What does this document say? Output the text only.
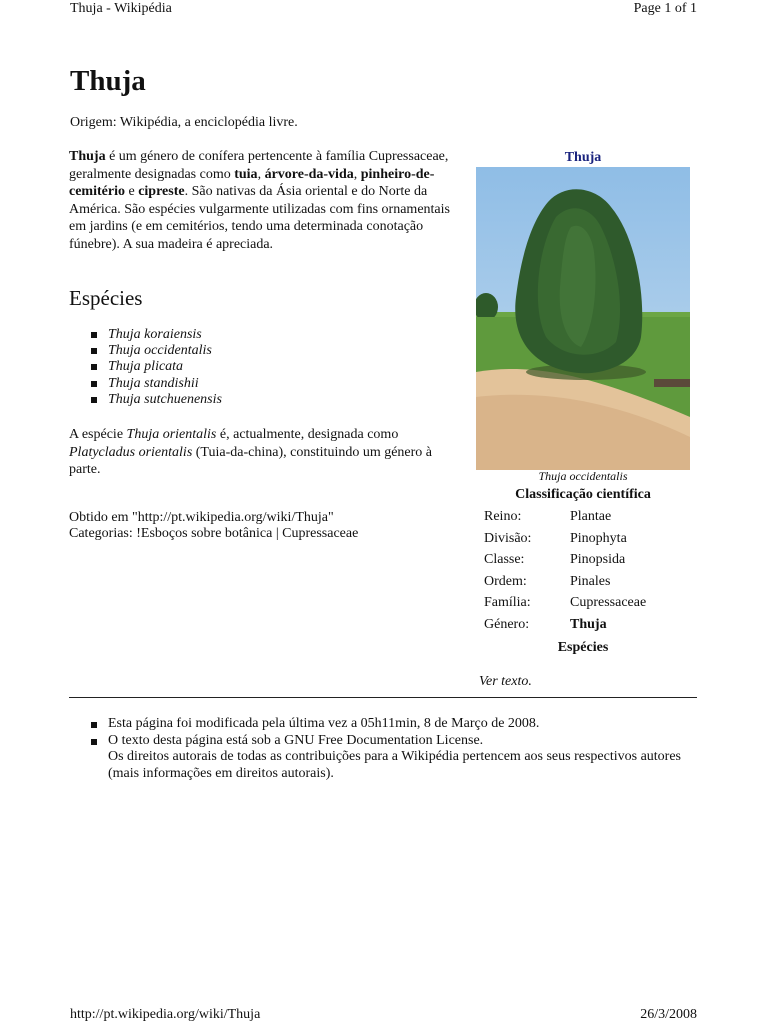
Thuja - Wikipédia	Page 1 of 1
Thuja
Origem: Wikipédia, a enciclopédia livre.

Thuja é um género de conífera pertencente à família Cupressaceae, geralmente designadas como tuia, árvore-da-vida, pinheiro-de-cemitério e cipreste. São nativas da Ásia oriental e do Norte da América. São espécies vulgarmente utilizadas com fins ornamentais em jardins (e em cemitérios, tendo uma determinada conotação fúnebre). A sua madeira é apreciada.

Espécies
Thuja koraiensis
Thuja occidentalis
Thuja plicata
Thuja standishii
Thuja sutchuenensis

A espécie Thuja orientalis é, actualmente, designada como Platycladus orientalis (Tuia-da-china), constituindo um género à parte.

Obtido em "http://pt.wikipedia.org/wiki/Thuja"
Categorias: !Esboços sobre botânica | Cupressaceae
Thuja
Thuja occidentalis
Classificação científica
Reino:	Plantae
Divisão:	Pinophyta
Classe:	Pinopsida
Ordem:	Pinales
Família:	Cupressaceae
Género:	Thuja
Espécies
Ver texto.
Esta página foi modificada pela última vez a 05h11min, 8 de Março de 2008.
O texto desta página está sob a GNU Free Documentation License.
Os direitos autorais de todas as contribuições para a Wikipédia pertencem aos seus respectivos autores (mais informações em direitos autorais).
http://pt.wikipedia.org/wiki/Thuja	26/3/2008
